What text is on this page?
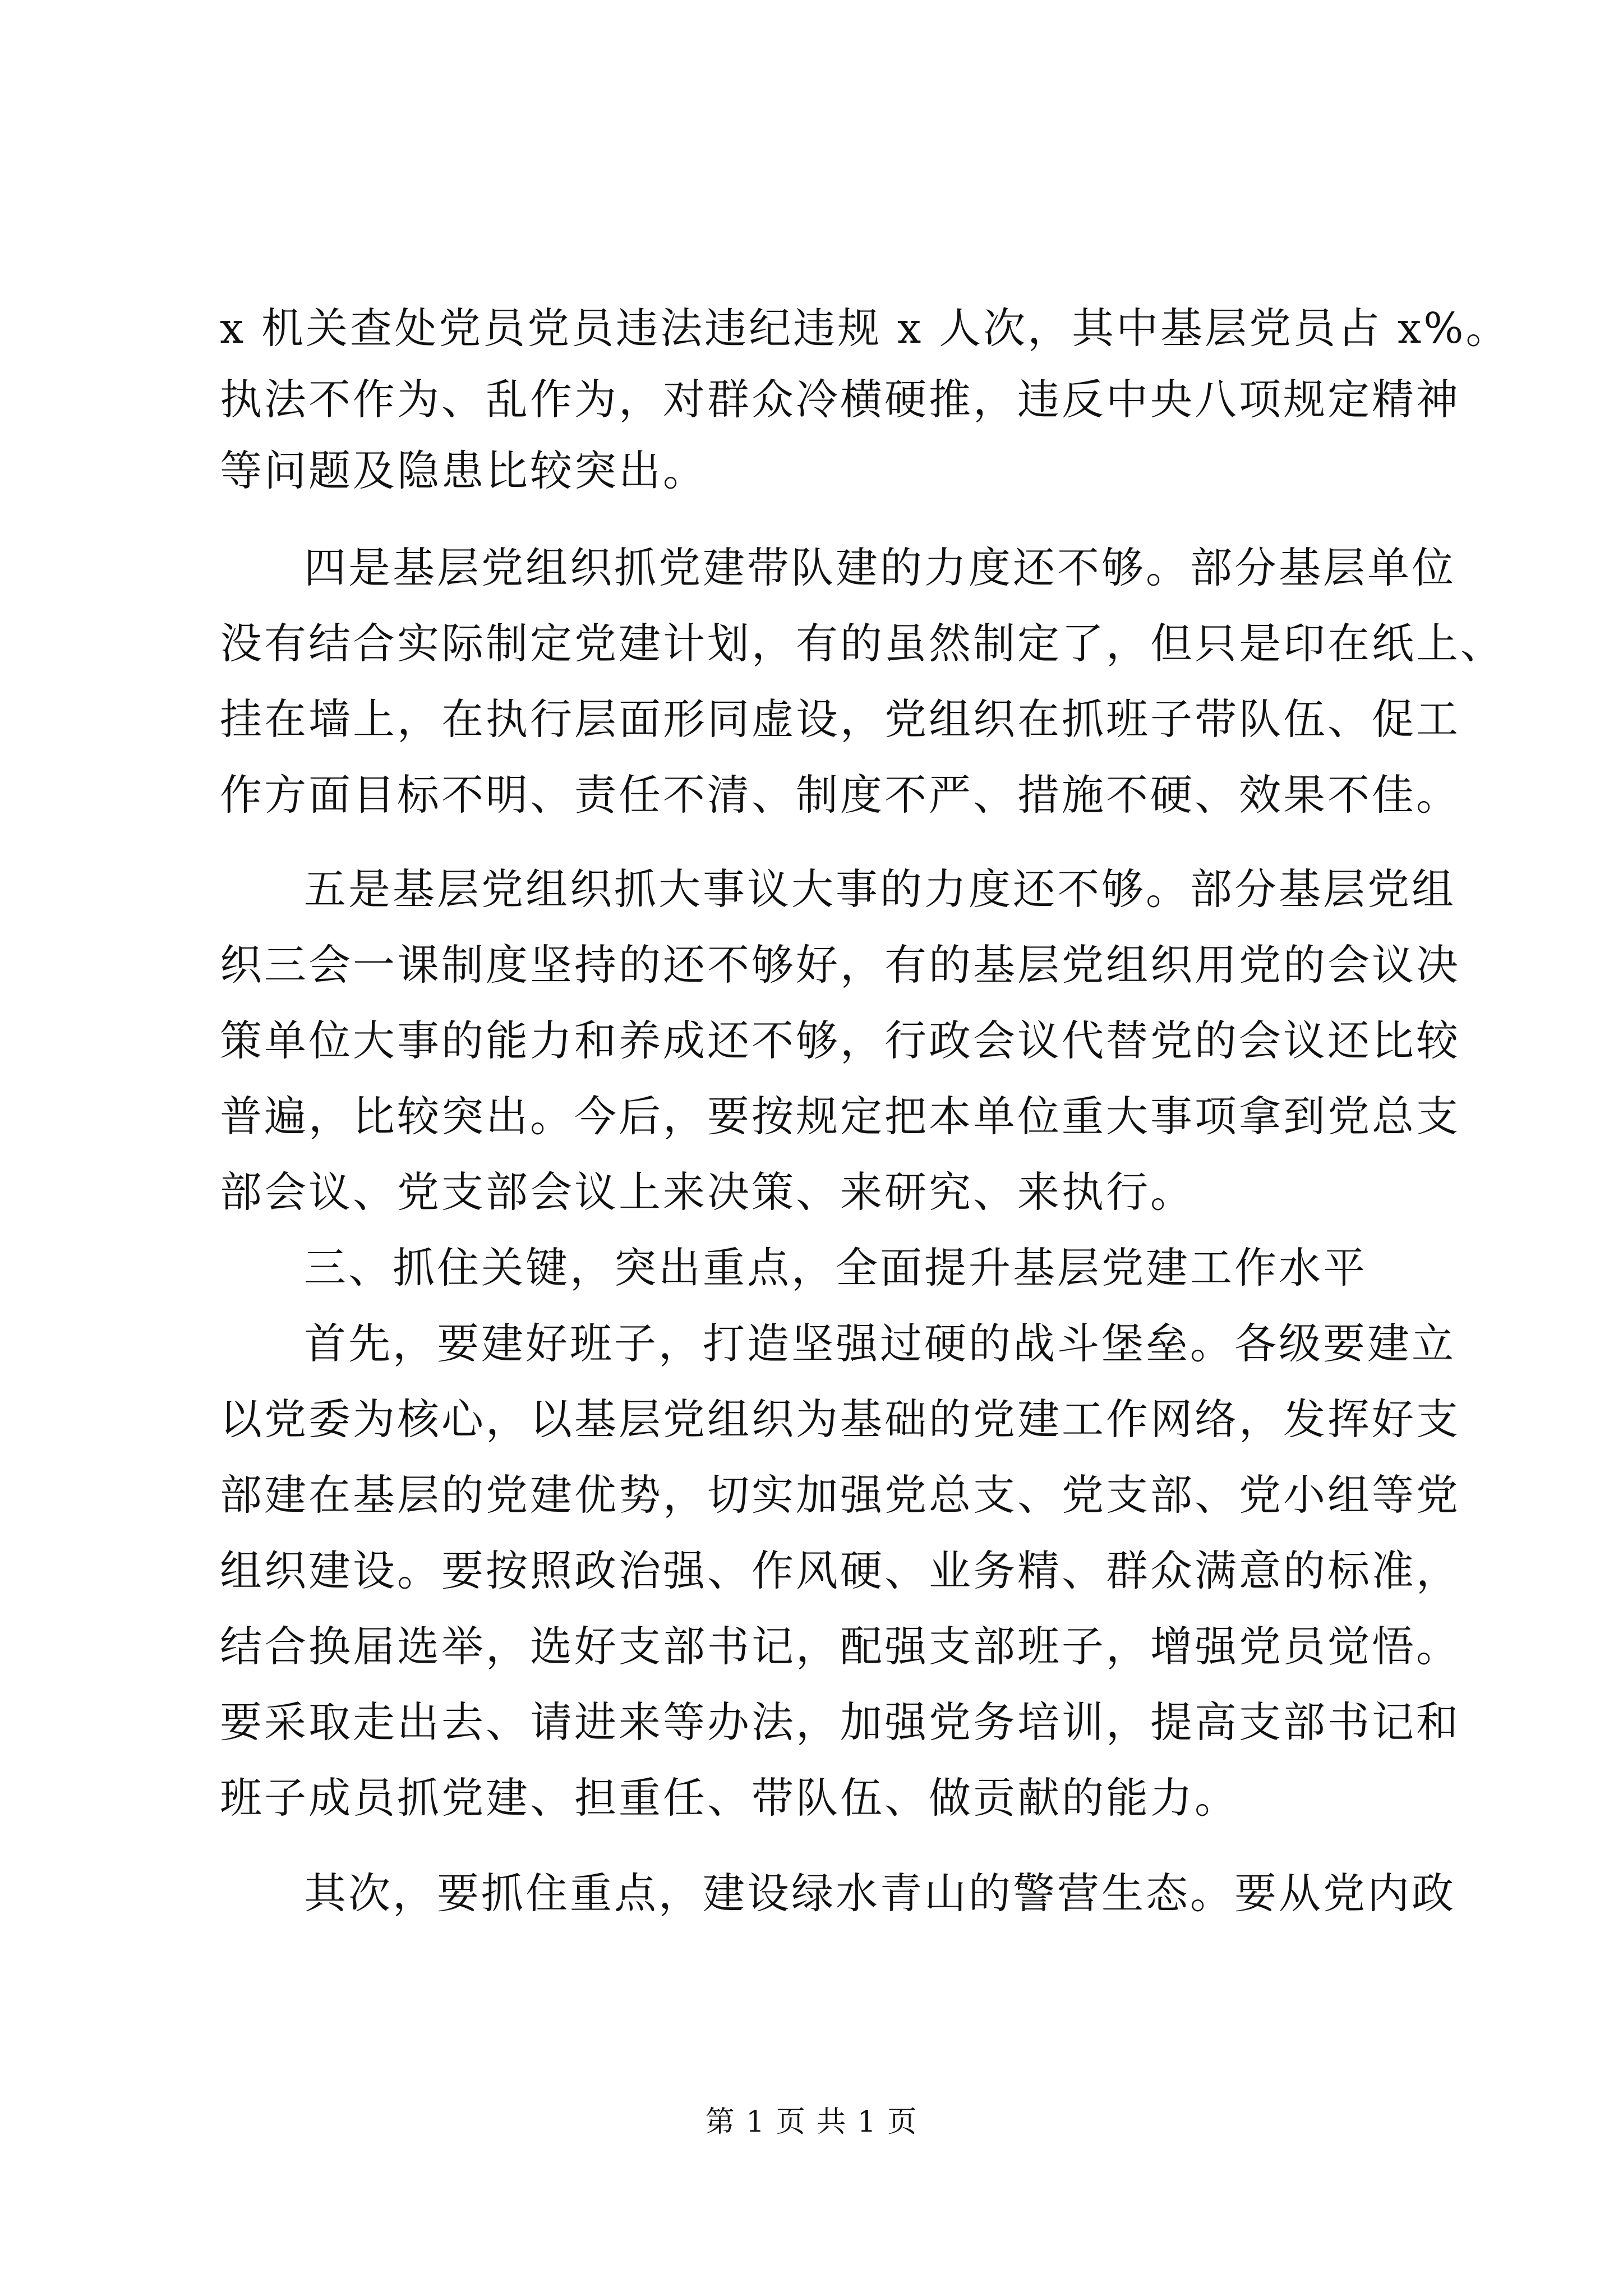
x 机关查处党员党员违法违纪违规 x 人次，其中基层党员占 x%。
执法不作为、乱作为，对群众冷横硬推，违反中央八项规定精神
等问题及隐患比较突出。
四是基层党组织抓党建带队建的力度还不够。部分基层单位
没有结合实际制定党建计划，有的虽然制定了，但只是印在纸上、
挂在墙上，在执行层面形同虚设，党组织在抓班子带队伍、促工
作方面目标不明、责任不清、制度不严、措施不硬、效果不佳。
五是基层党组织抓大事议大事的力度还不够。部分基层党组
织三会一课制度坚持的还不够好，有的基层党组织用党的会议决
策单位大事的能力和养成还不够，行政会议代替党的会议还比较
普遍，比较突出。今后，要按规定把本单位重大事项拿到党总支
部会议、党支部会议上来决策、来研究、来执行。
三、抓住关键，突出重点，全面提升基层党建工作水平
首先，要建好班子，打造坚强过硬的战斗堡垒。各级要建立
以党委为核心，以基层党组织为基础的党建工作网络，发挥好支
部建在基层的党建优势，切实加强党总支、党支部、党小组等党
组织建设。要按照政治强、作风硬、业务精、群众满意的标准，
结合换届选举，选好支部书记，配强支部班子，增强党员觉悟。
要采取走出去、请进来等办法，加强党务培训，提高支部书记和
班子成员抓党建、担重任、带队伍、做贡献的能力。
其次，要抓住重点，建设绿水青山的警营生态。要从党内政
第 1 页 共 1 页
